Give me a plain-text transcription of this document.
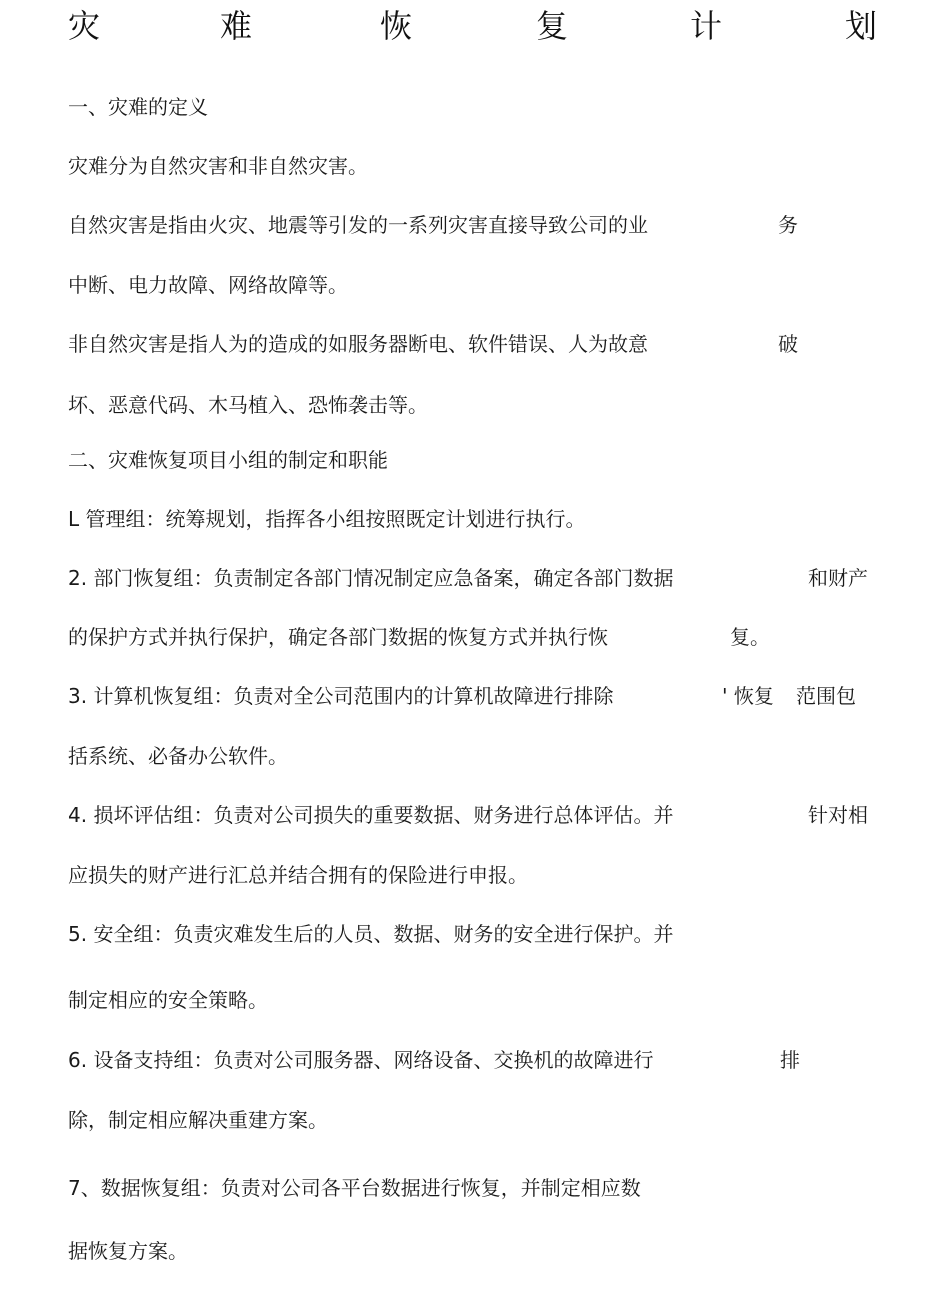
灾	难	恢	复	计	划
一、灾难的定义
灾难分为自然灾害和非自然灾害。
自然灾害是指由火灾、地震等引发的一系列灾害直接导致公司的业	务
中断、电力故障、网络故障等。
非自然灾害是指人为的造成的如服务器断电、软件错误、人为故意	破
坏、恶意代码、木马植入、恐怖袭击等。
二、灾难恢复项目小组的制定和职能
L 管理组：统筹规划，指挥各小组按照既定计划进行执行。
2. 部门恢复组：负责制定各部门情况制定应急备案，确定各部门数据	和财产
的保护方式并执行保护，确定各部门数据的恢复方式并执行恢	复。
3. 计算机恢复组：负责对全公司范围内的计算机故障进行排除	' 恢复 范围包
括系统、必备办公软件。
4. 损坏评估组：负责对公司损失的重要数据、财务进行总体评估。并	针对相
应损失的财产进行汇总并结合拥有的保险进行申报。
5. 安全组：负责灾难发生后的人员、数据、财务的安全进行保护。并
制定相应的安全策略。
6. 设备支持组：负责对公司服务器、网络设备、交换机的故障进行	排
除，制定相应解决重建方案。
7、数据恢复组：负责对公司各平台数据进行恢复，并制定相应数
据恢复方案。
